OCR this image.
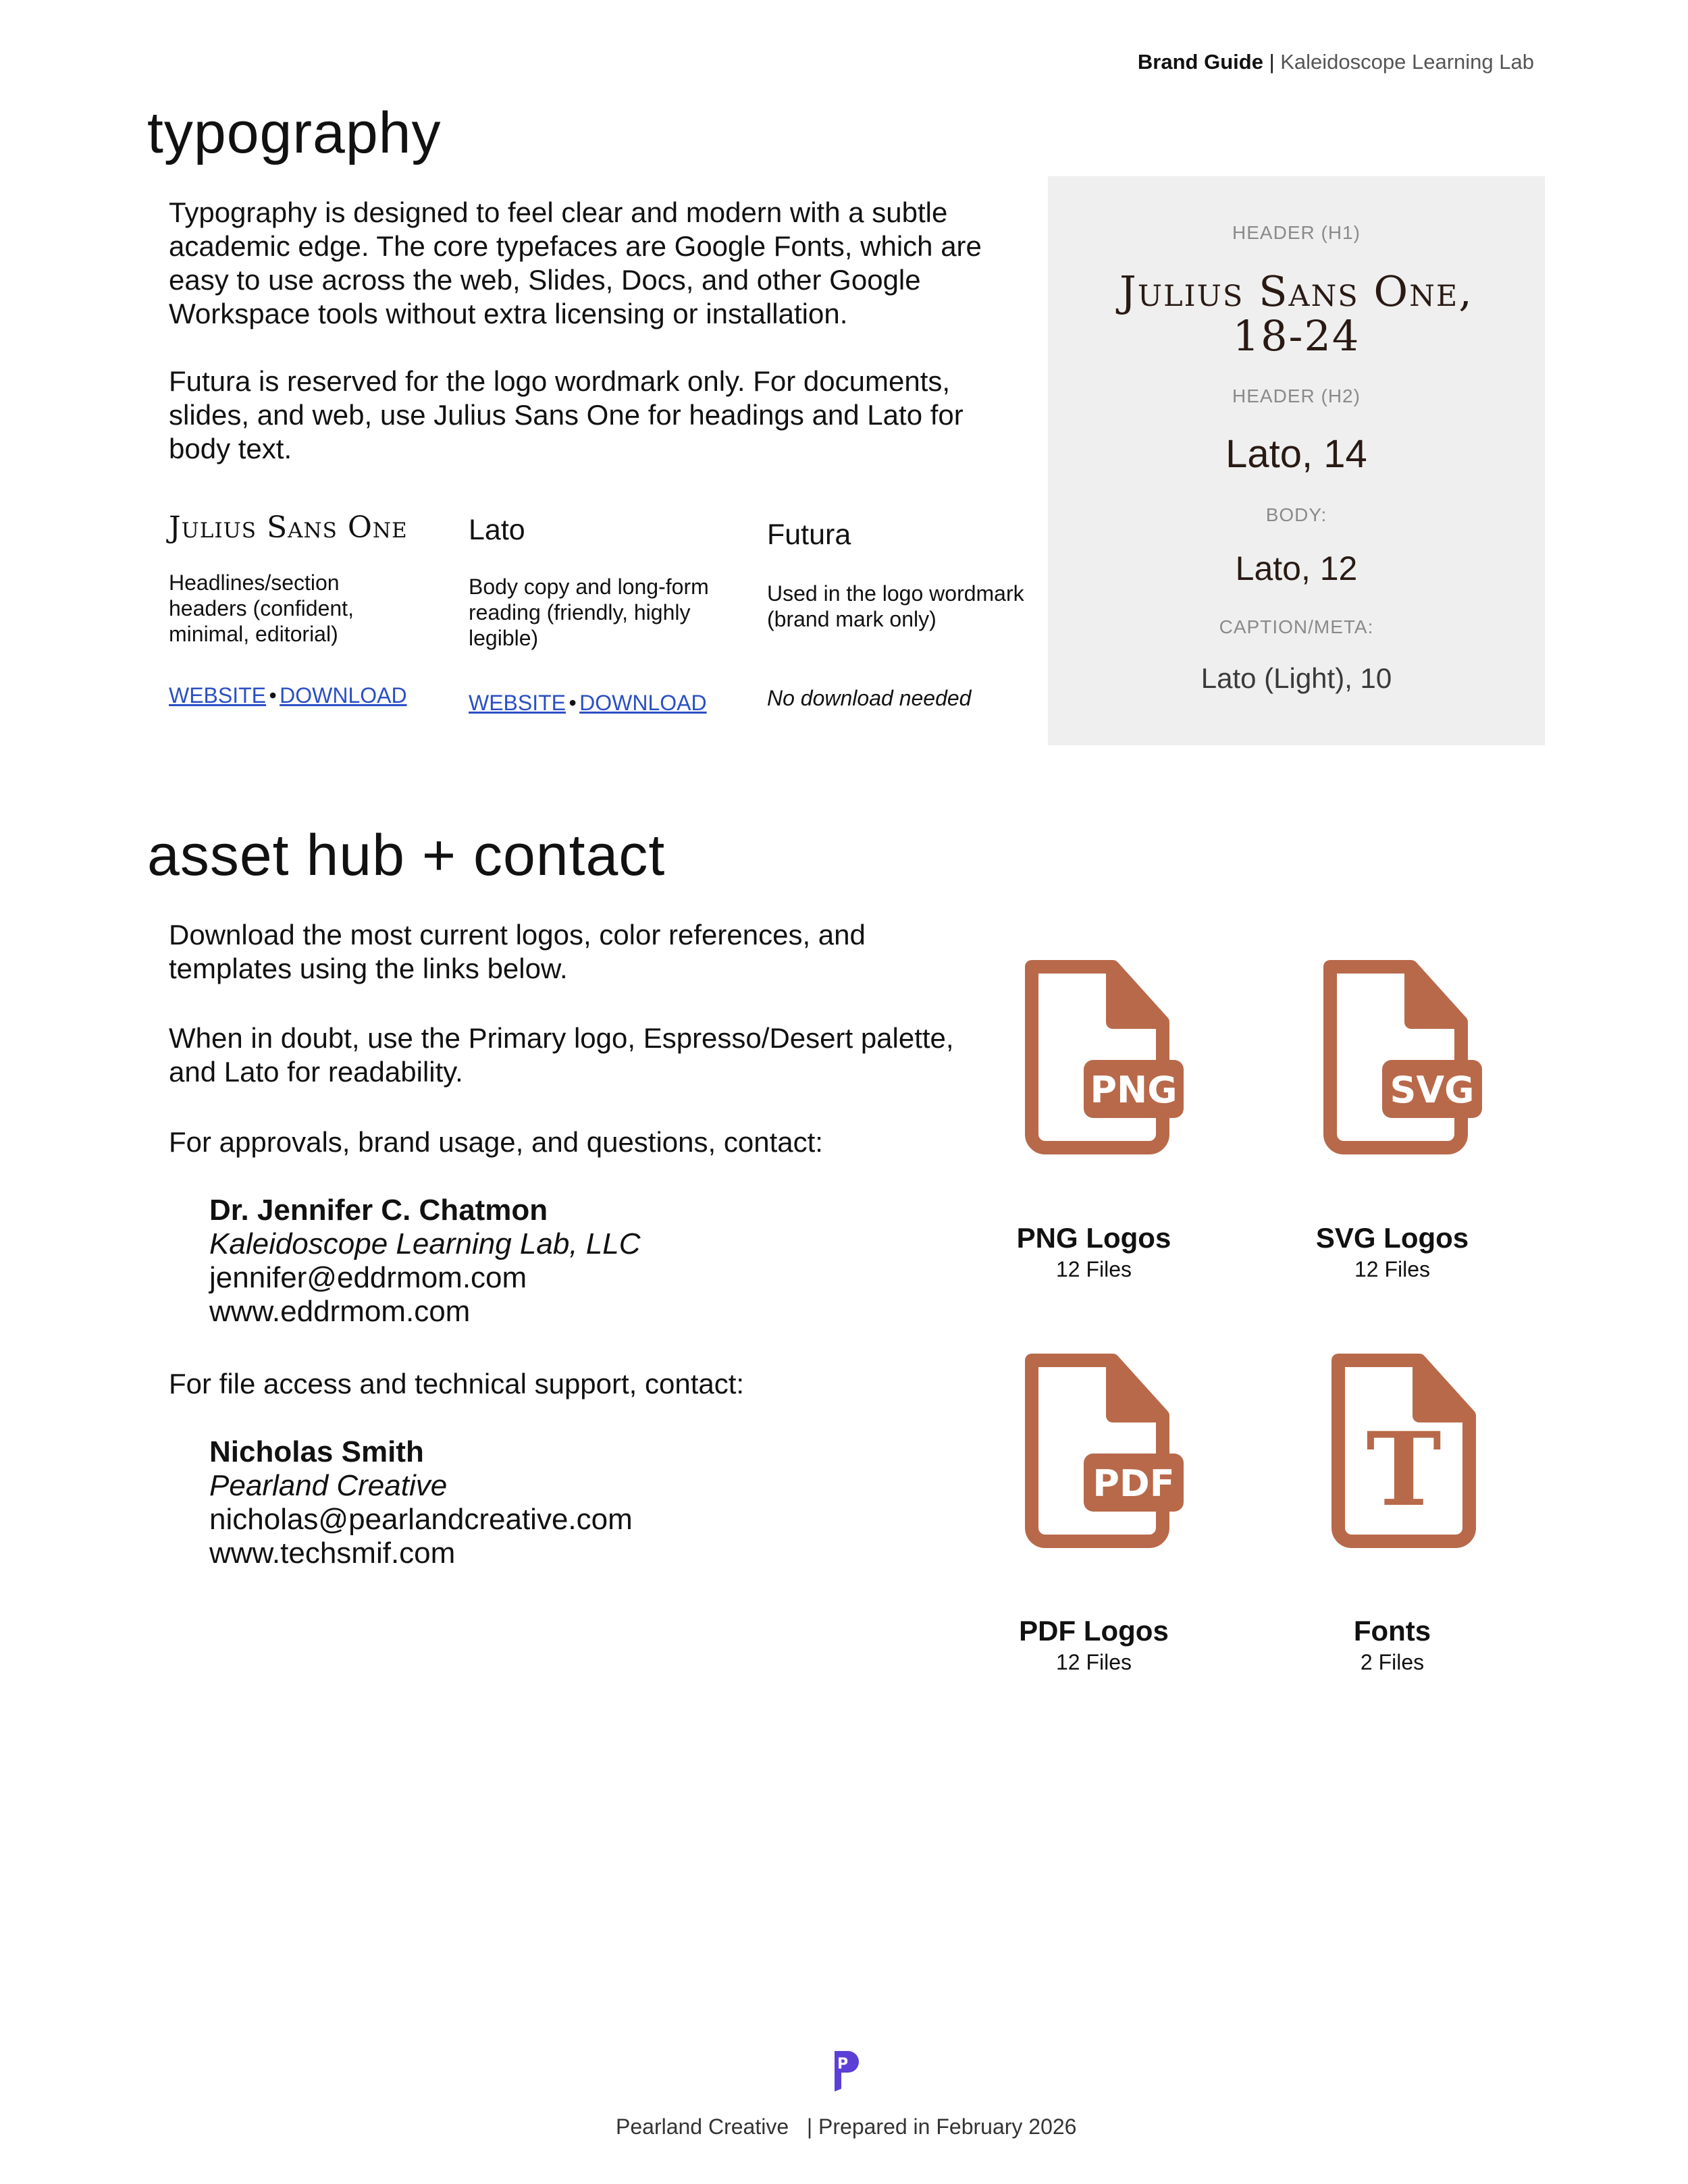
Brand Guide | Kaleidoscope Learning Lab
typography

Typography is designed to feel clear and modern with a subtle academic edge. The core typefaces are Google Fonts, which are easy to use across the web, Slides, Docs, and other Google Workspace tools without extra licensing or installation.

Futura is reserved for the logo wordmark only. For documents, slides, and web, use Julius Sans One for headings and Lato for body text.

Julius Sans One
Headlines/section headers (confident, minimal, editorial)
WEBSITE • DOWNLOAD
Lato
Body copy and long-form reading (friendly, highly legible)
WEBSITE • DOWNLOAD
Futura
Used in the logo wordmark (brand mark only)
No download needed
HEADER (H1)
Julius Sans One, 18-24
HEADER (H2)
Lato, 14
BODY:
Lato, 12
CAPTION/META:
Lato (Light), 10
asset hub + contact

Download the most current logos, color references, and templates using the links below.

When in doubt, use the Primary logo, Espresso/Desert palette, and Lato for readability.

For approvals, brand usage, and questions, contact:

Dr. Jennifer C. Chatmon

Kaleidoscope Learning Lab, LLC

jennifer@eddrmom.com

www.eddrmom.com

For file access and technical support, contact:

Nicholas Smith

Pearland Creative

nicholas@pearlandcreative.com

www.techsmif.com

PNG
PNG Logos
12 Files
SVG
SVG Logos
12 Files
PDF
PDF Logos
12 Files
T
Fonts
2 Files
P
Pearland Creative | Prepared in February 2026
